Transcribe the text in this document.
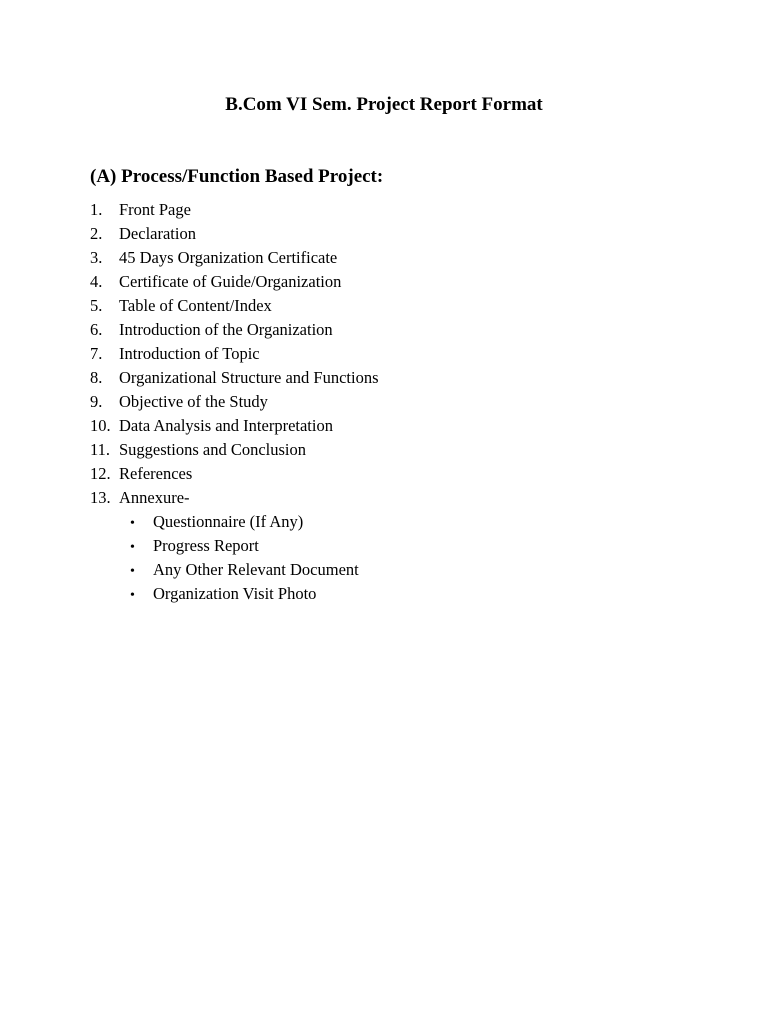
B.Com VI Sem. Project Report Format
(A) Process/Function Based Project:
1. Front Page
2. Declaration
3. 45 Days Organization Certificate
4. Certificate of Guide/Organization
5. Table of Content/Index
6. Introduction of the Organization
7. Introduction of Topic
8. Organizational Structure and Functions
9. Objective of the Study
10. Data Analysis and Interpretation
11. Suggestions and Conclusion
12. References
13. Annexure-
• Questionnaire (If Any)
• Progress Report
• Any Other Relevant Document
• Organization Visit Photo
